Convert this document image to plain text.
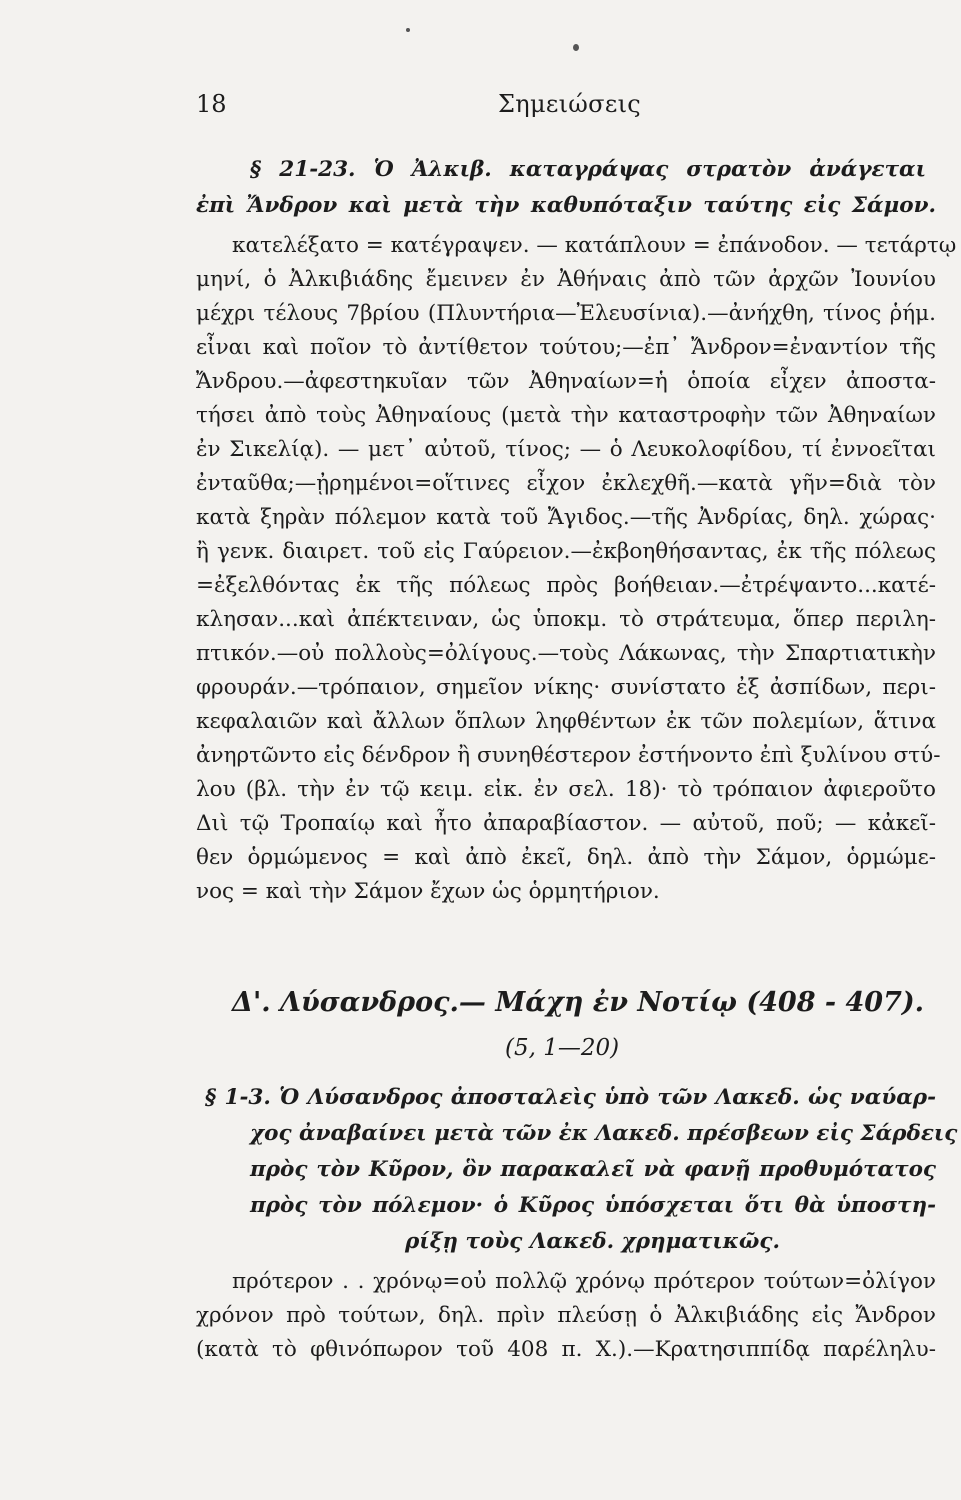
18	Σημειώσεις
§ 21-23. Ὁ Ἀλκιβ. καταγράψας στρατὸν ἀνάγεται
ἐπὶ Ἄνδρον καὶ μετὰ τὴν καθυπόταξιν ταύτης εἰς Σάμον.
κατελέξατο = κατέγραψεν. — κατάπλουν = ἐπάνοδον. — τετάρτῳ
μηνί, ὁ Ἀλκιβιάδης ἔμεινεν ἐν Ἀθήναις ἀπὸ τῶν ἀρχῶν Ἰουνίου
μέχρι τέλους 7βρίου (Πλυντήρια—Ἐλευσίνια).—ἀνήχθη, τίνος ῥήμ.
εἶναι καὶ ποῖον τὸ ἀντίθετον τούτου;—ἐπ᾽ Ἄνδρον=ἐναντίον τῆς
Ἄνδρου.—ἀφεστηκυῖαν τῶν Ἀθηναίων=ἡ ὁποία εἶχεν ἀποστα-
τήσει ἀπὸ τοὺς Ἀθηναίους (μετὰ τὴν καταστροφὴν τῶν Ἀθηναίων
ἐν Σικελίᾳ). — μετ᾽ αὐτοῦ, τίνος; — ὁ Λευκολοφίδου, τί ἐννοεῖται
ἐνταῦθα;—ᾐρημένοι=οἵτινες εἶχον ἐκλεχθῆ.—κατὰ γῆν=διὰ τὸν
κατὰ ξηρὰν πόλεμον κατὰ τοῦ Ἄγιδος.—τῆς Ἀνδρίας, δηλ. χώρας·
ἢ γενκ. διαιρετ. τοῦ εἰς Γαύρειον.—ἐκβοηθήσαντας, ἐκ τῆς πόλεως
=ἐξελθόντας ἐκ τῆς πόλεως πρὸς βοήθειαν.—ἐτρέψαντο...κατέ-
κλησαν...καὶ ἀπέκτειναν, ὡς ὑποκμ. τὸ στράτευμα, ὅπερ περιλη-
πτικόν.—οὐ πολλοὺς=ὀλίγους.—τοὺς Λάκωνας, τὴν Σπαρτιατικὴν
φρουράν.—τρόπαιον, σημεῖον νίκης· συνίστατο ἐξ ἀσπίδων, περι-
κεφαλαιῶν καὶ ἄλλων ὅπλων ληφθέντων ἐκ τῶν πολεμίων, ἅτινα
ἀνηρτῶντο εἰς δένδρον ἢ συνηθέστερον ἐστήνοντο ἐπὶ ξυλίνου στύ-
λου (βλ. τὴν ἐν τῷ κειμ. εἰκ. ἐν σελ. 18)· τὸ τρόπαιον ἀφιεροῦτο
Διὶ τῷ Τροπαίῳ καὶ ἦτο ἀπαραβίαστον. — αὐτοῦ, ποῦ; — κἀκεῖ-
θεν ὁρμώμενος = καὶ ἀπὸ ἐκεῖ, δηλ. ἀπὸ τὴν Σάμον, ὁρμώμε-
νος = καὶ τὴν Σάμον ἔχων ὡς ὁρμητήριον.
Δ'. Λύσανδρος.— Μάχη ἐν Νοτίῳ (408 - 407).
(5, 1—20)
§ 1-3. Ὁ Λύσανδρος ἀποσταλεὶς ὑπὸ τῶν Λακεδ. ὡς ναύαρ-
χος ἀναβαίνει μετὰ τῶν ἐκ Λακεδ. πρέσβεων εἰς Σάρδεις
πρὸς τὸν Κῦρον, ὃν παρακαλεῖ νὰ φανῇ προθυμότατος
πρὸς τὸν πόλεμον· ὁ Κῦρος ὑπόσχεται ὅτι θὰ ὑποστη-
ρίξῃ τοὺς Λακεδ. χρηματικῶς.
πρότερον . . χρόνῳ=οὐ πολλῷ χρόνῳ πρότερον τούτων=ὀλίγον
χρόνον πρὸ τούτων, δηλ. πρὶν πλεύσῃ ὁ Ἀλκιβιάδης εἰς Ἄνδρον
(κατὰ τὸ φθινόπωρον τοῦ 408 π. Χ.).—Κρατησιππίδᾳ παρέληλυ-
